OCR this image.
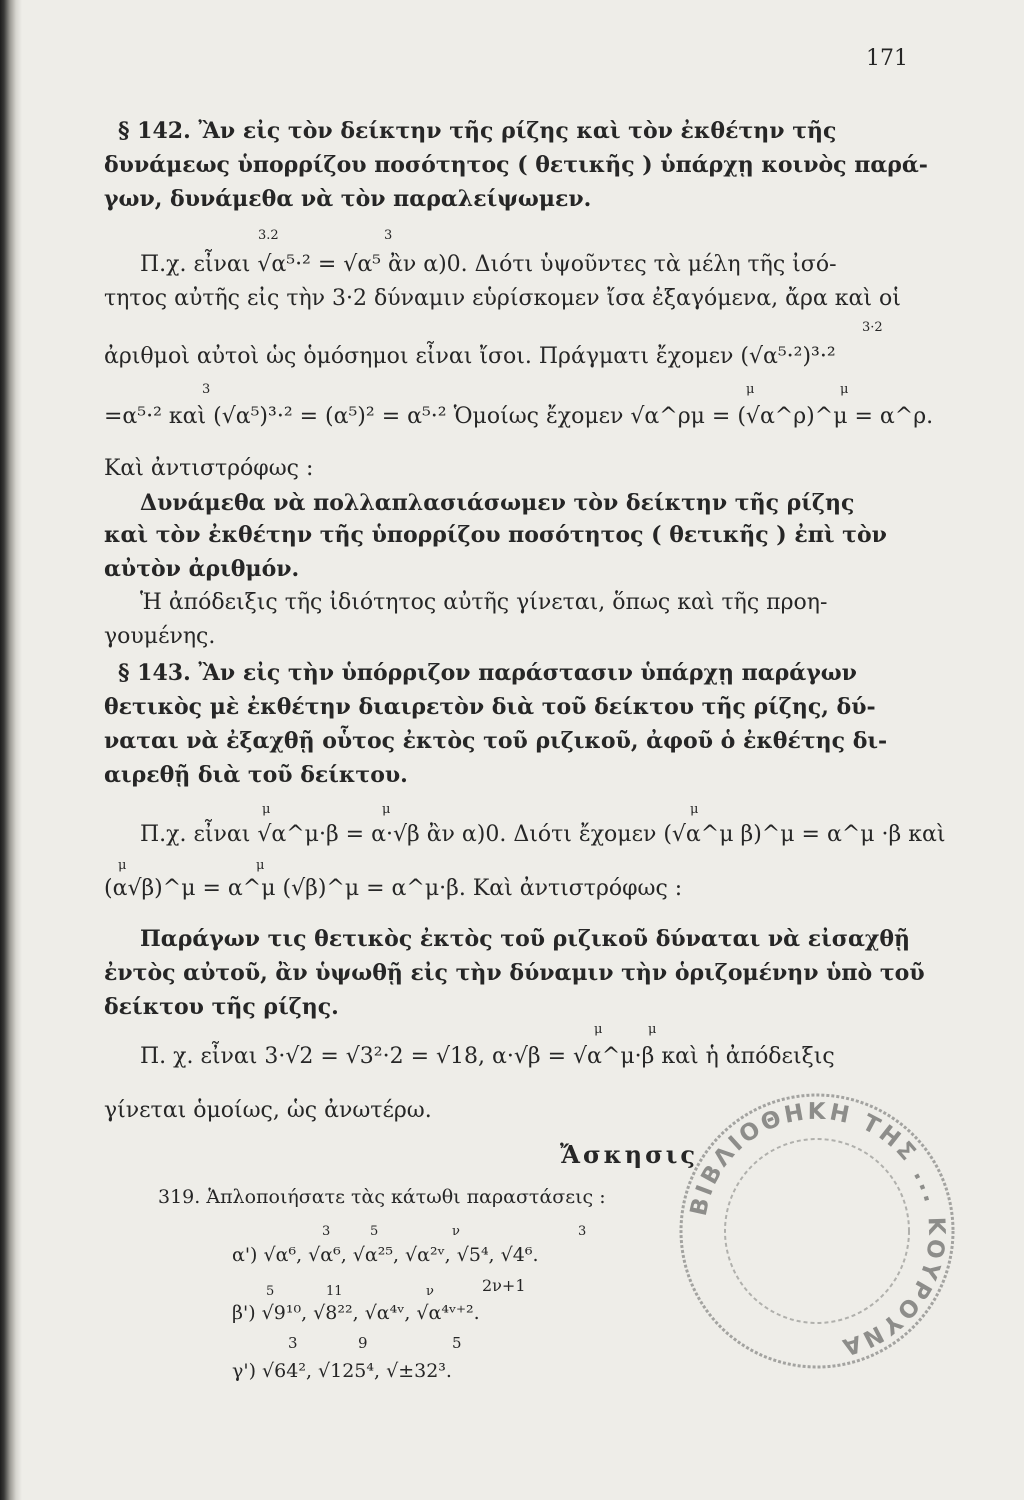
171
§ 142. Ἂν εἰς τὸν δείκτην τῆς ρίζης καὶ τὸν ἐκθέτην τῆς
δυνάμεως ὑπορρίζου ποσότητος ( θετικῆς ) ὑπάρχῃ κοινὸς παρά-
γων, δυνάμεθα νὰ τὸν παραλείψωμεν.
3.2	3
Π.χ. εἶναι √α⁵·² = √α⁵ ἂν α)0. Διότι ὑψοῦντες τὰ μέλη τῆς ἰσό-
τητος αὐτῆς εἰς τὴν 3·2 δύναμιν εὑρίσκομεν ἴσα ἐξαγόμενα, ἄρα καὶ οἱ
3·2
ἀριθμοὶ αὐτοὶ ὡς ὁμόσημοι εἶναι ἴσοι. Πράγματι ἔχομεν (√α⁵·²)³·²
3	μ	μ
=α⁵·² καὶ (√α⁵)³·² = (α⁵)² = α⁵·² Ὁμοίως ἔχομεν √α^ρμ = (√α^ρ)^μ = α^ρ.
Καὶ ἀντιστρόφως :
Δυνάμεθα νὰ πολλαπλασιάσωμεν τὸν δείκτην τῆς ρίζης
καὶ τὸν ἐκθέτην τῆς ὑπορρίζου ποσότητος ( θετικῆς ) ἐπὶ τὸν
αὐτὸν ἀριθμόν.
Ἡ ἀπόδειξις τῆς ἰδιότητος αὐτῆς γίνεται, ὅπως καὶ τῆς προη-
γουμένης.
§ 143. Ἂν εἰς τὴν ὑπόρριζον παράστασιν ὑπάρχῃ παράγων
θετικὸς μὲ ἐκθέτην διαιρετὸν διὰ τοῦ δείκτου τῆς ρίζης, δύ-
ναται νὰ ἐξαχθῇ οὗτος ἐκτὸς τοῦ ριζικοῦ, ἀφοῦ ὁ ἐκθέτης δι-
αιρεθῇ διὰ τοῦ δείκτου.
μ	μ	μ
Π.χ. εἶναι √α^μ·β = α·√β ἂν α)0. Διότι ἔχομεν (√α^μ β)^μ = α^μ ·β καὶ
μ	μ
(α√β)^μ = α^μ (√β)^μ = α^μ·β. Καὶ ἀντιστρόφως :
Παράγων τις θετικὸς ἐκτὸς τοῦ ριζικοῦ δύναται νὰ εἰσαχθῇ
ἐντὸς αὐτοῦ, ἂν ὑψωθῇ εἰς τὴν δύναμιν τὴν ὁριζομένην ὑπὸ τοῦ
δείκτου τῆς ρίζης.
μ	μ
Π. χ. εἶναι 3·√2 = √3²·2 = √18, α·√β = √α^μ·β καὶ ἡ ἀπόδειξις
γίνεται ὁμοίως, ὡς ἀνωτέρω.
Ἄσκησις
319. Ἁπλοποιήσατε τὰς κάτωθι παραστάσεις :
3	5	ν	3
α') √α⁶, √α⁶, √α²⁵, √α²ᵛ, √5⁴, √4⁶.
5	11	ν	2ν+1
β') √9¹⁰, √8²², √α⁴ᵛ, √α⁴ᵛ⁺².
3	9	5
γ') √64², √125⁴, √±32³.
ΒΙΒΛΙΟΘΗΚΗ ΤΗΣ ... ΚΟΥΡΟΥΝΑ
